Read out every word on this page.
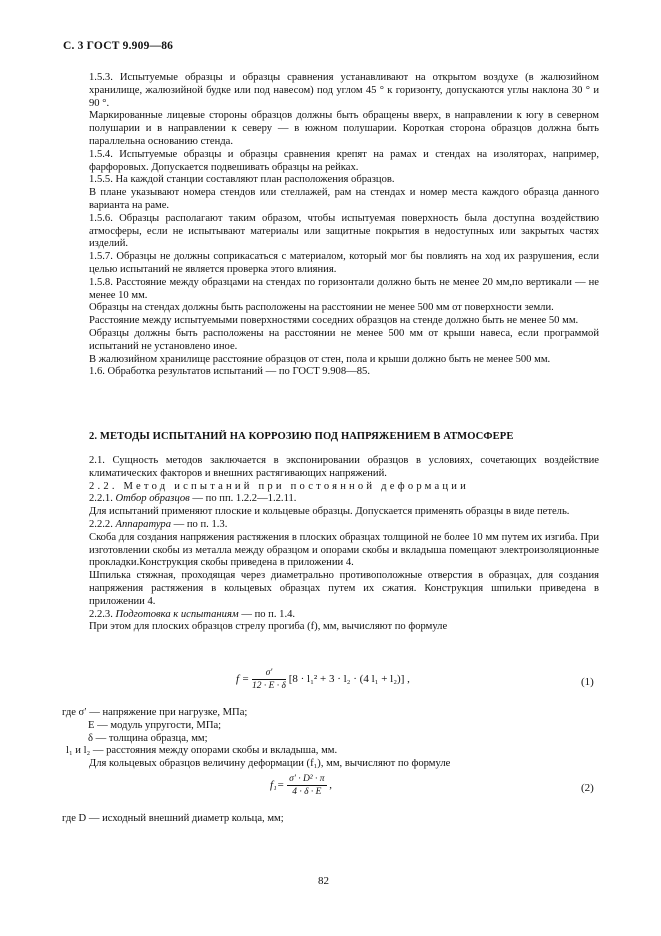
С. 3 ГОСТ 9.909—86

1.5.3. Испытуемые образцы и образцы сравнения устанавливают на открытом воздухе (в жалюзийном хранилище, жалюзийной будке или под навесом) под углом 45 ° к горизонту, допускаются углы наклона 30 ° и 90 °.

Маркированные лицевые стороны образцов должны быть обращены вверх, в направлении к югу в северном полушарии и в направлении к северу — в южном полушарии. Короткая сторона образцов должна быть параллельна основанию стенда.

1.5.4. Испытуемые образцы и образцы сравнения крепят на рамах и стендах на изоляторах, например, фарфоровых. Допускается подвешивать образцы на рейках.

1.5.5. На каждой станции составляют план расположения образцов.

В плане указывают номера стендов или стеллажей, рам на стендах и номер места каждого образца данного варианта на раме.

1.5.6. Образцы располагают таким образом, чтобы испытуемая поверхность была доступна воздействию атмосферы, если не испытывают материалы или защитные покрытия в недоступных или закрытых частях изделий.

1.5.7. Образцы не должны соприкасаться с материалом, который мог бы повлиять на ход их разрушения, если целью испытаний не является проверка этого влияния.

1.5.8. Расстояние между образцами на стендах по горизонтали должно быть не менее 20 мм,по вертикали — не менее 10 мм.

Образцы на стендах должны быть расположены на расстоянии не менее 500 мм от поверхности земли.

Расстояние между испытуемыми поверхностями соседних образцов на стенде должно быть не менее 50 мм.

Образцы должны быть расположены на расстоянии не менее 500 мм от крыши навеса, если программой испытаний не установлено иное.

В жалюзийном хранилище расстояние образцов от стен, пола и крыши должно быть не менее 500 мм.

1.6. Обработка результатов испытаний — по ГОСТ 9.908—85.

2. МЕТОДЫ ИСПЫТАНИЙ НА КОРРОЗИЮ ПОД НАПРЯЖЕНИЕМ В АТМОСФЕРЕ

2.1. Сущность методов заключается в экспонировании образцов в условиях, сочетающих воздействие климатических факторов и внешних растягивающих напряжений.

2.2. Метод испытаний при постоянной деформации

2.2.1. Отбор образцов — по пп. 1.2.2—1.2.11.

Для испытаний применяют плоские и кольцевые образцы. Допускается применять образцы в виде петель.

2.2.2. Аппаратура — по п. 1.3.

Скоба для создания напряжения растяжения в плоских образцах толщиной не более 10 мм путем их изгиба. При изготовлении скобы из металла между образцом и опорами скобы и вкладыша помещают электроизоляционные прокладки.Конструкция скобы приведена в приложении 4.

Шпилька стяжная, проходящая через диаметрально противоположные отверстия в образцах, для создания напряжения растяжения в кольцевых образцах путем их сжатия. Конструкция шпильки приведена в приложении 4.

2.2.3. Подготовка к испытаниям — по п. 1.4.

При этом для плоских образцов стрелу прогиба (f), мм, вычисляют по формуле

$f = \frac{\sigma'}{12 \cdot E \cdot \delta} [8 \cdot l_1^2 + 3 \cdot l_2 \cdot (4$ l₁ + l₂)] ,	(1)

где σ′ — напряжение при нагрузке, МПа;

E — модуль упругости, МПа;

δ — толщина образца, мм;

l₁ и l₂ — расстояния между опорами скобы и вкладыша, мм.

Для кольцевых образцов величину деформации (f₁), мм, вычисляют по формуле

$f_1= \frac{\text{σ′ · D² · π}}{4 \cdot \delta \cdot E}$ ,	(2)

где D — исходный внешний диаметр кольца, мм;

82
